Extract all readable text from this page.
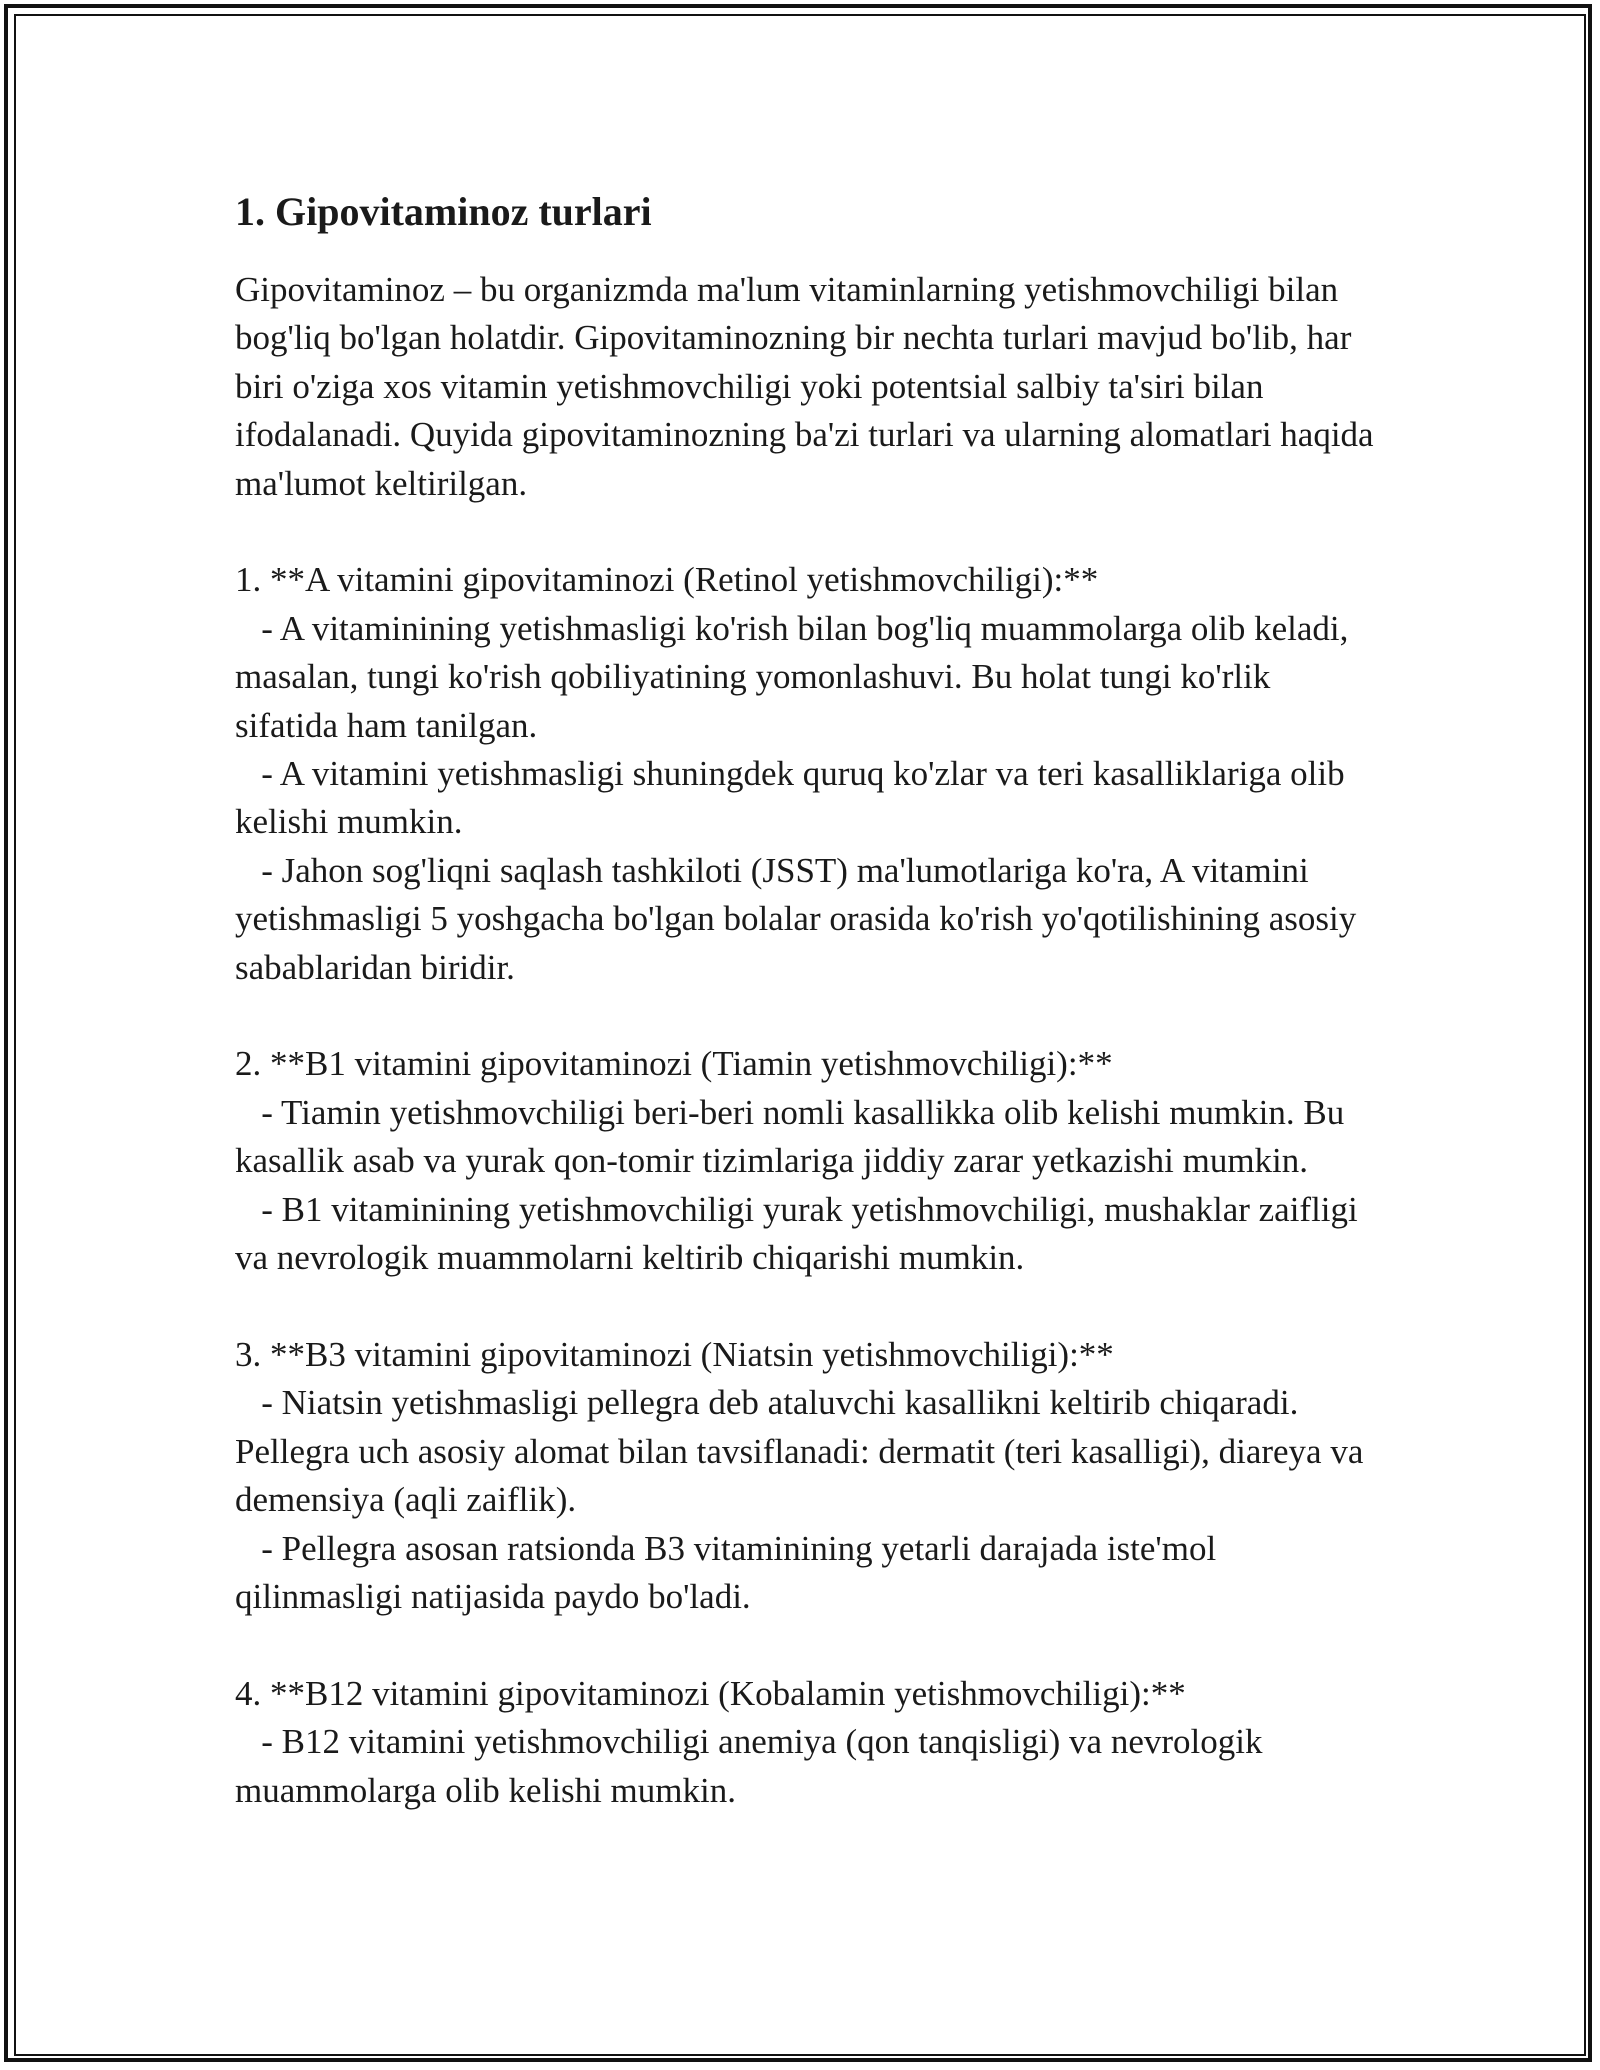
1. Gipovitaminoz turlari

Gipovitaminoz – bu organizmda ma'lum vitaminlarning yetishmovchiligi bilan bog'liq bo'lgan holatdir. Gipovitaminozning bir nechta turlari mavjud bo'lib, har biri o'ziga xos vitamin yetishmovchiligi yoki potentsial salbiy ta'siri bilan ifodalanadi. Quyida gipovitaminozning ba'zi turlari va ularning alomatlari haqida ma'lumot keltirilgan.

1. **A vitamini gipovitaminozi (Retinol yetishmovchiligi):**

- A vitaminining yetishmasligi ko'rish bilan bog'liq muammolarga olib keladi, masalan, tungi ko'rish qobiliyatining yomonlashuvi. Bu holat tungi ko'rlik sifatida ham tanilgan.

- A vitamini yetishmasligi shuningdek quruq ko'zlar va teri kasalliklariga olib kelishi mumkin.

- Jahon sog'liqni saqlash tashkiloti (JSST) ma'lumotlariga ko'ra, A vitamini yetishmasligi 5 yoshgacha bo'lgan bolalar orasida ko'rish yo'qotilishining asosiy sabablaridan biridir.

2. **B1 vitamini gipovitaminozi (Tiamin yetishmovchiligi):**

- Tiamin yetishmovchiligi beri-beri nomli kasallikka olib kelishi mumkin. Bu kasallik asab va yurak qon-tomir tizimlariga jiddiy zarar yetkazishi mumkin.

- B1 vitaminining yetishmovchiligi yurak yetishmovchiligi, mushaklar zaifligi va nevrologik muammolarni keltirib chiqarishi mumkin.

3. **B3 vitamini gipovitaminozi (Niatsin yetishmovchiligi):**

- Niatsin yetishmasligi pellegra deb ataluvchi kasallikni keltirib chiqaradi. Pellegra uch asosiy alomat bilan tavsiflanadi: dermatit (teri kasalligi), diareya va demensiya (aqli zaiflik).

- Pellegra asosan ratsionda B3 vitaminining yetarli darajada iste'mol qilinmasligi natijasida paydo bo'ladi.

4. **B12 vitamini gipovitaminozi (Kobalamin yetishmovchiligi):**

- B12 vitamini yetishmovchiligi anemiya (qon tanqisligi) va nevrologik muammolarga olib kelishi mumkin.
